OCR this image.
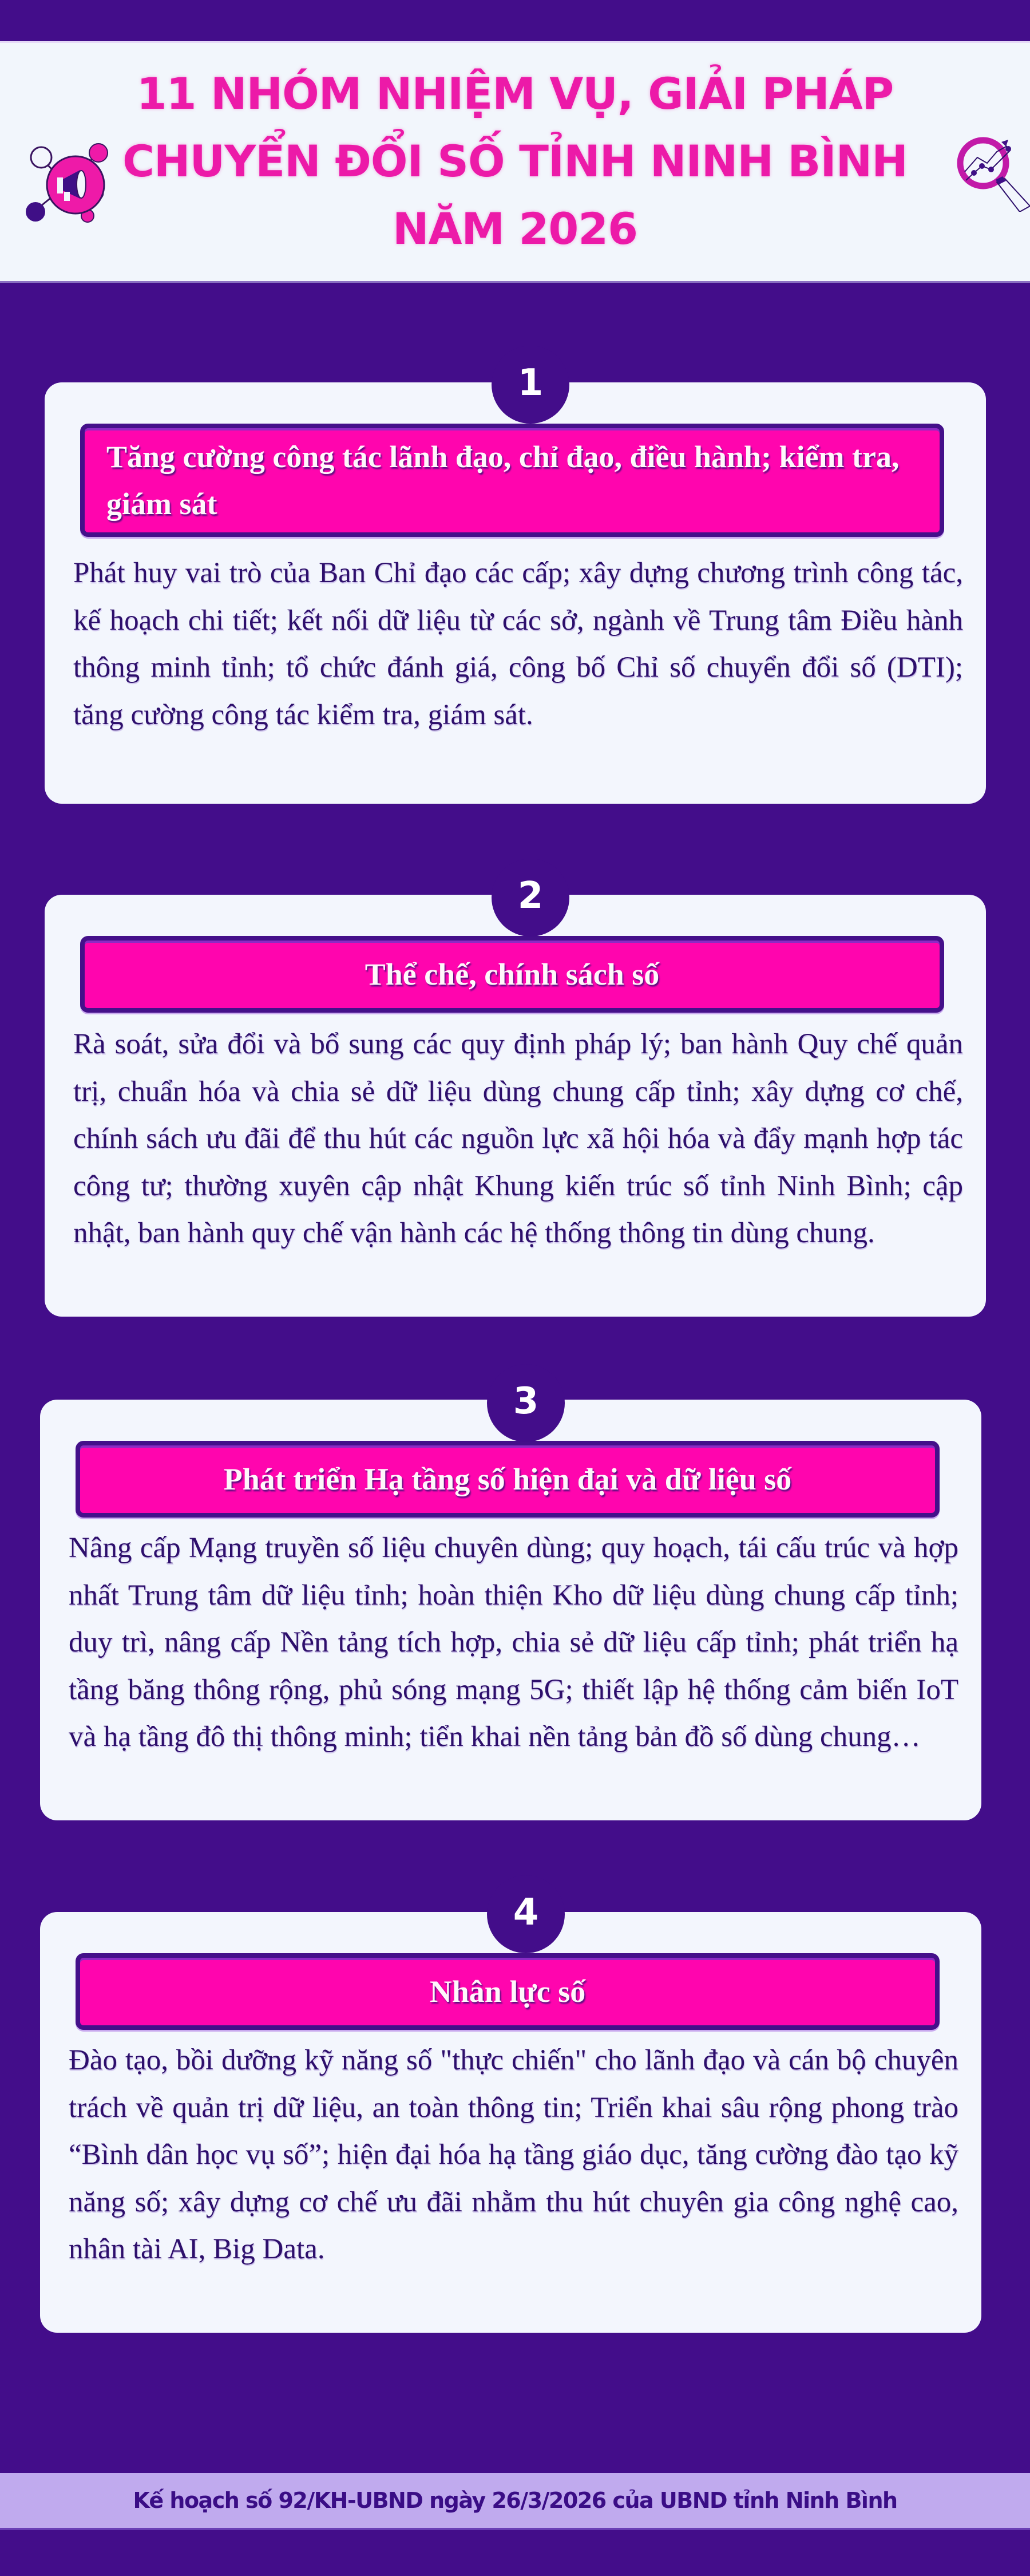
11 NHÓM NHIỆM VỤ, GIẢI PHÁP CHUYỂN ĐỔI SỐ TỈNH NINH BÌNH NĂM 2026
Tăng cường công tác lãnh đạo, chỉ đạo, điều hành; kiểm tra, giám sát
Phát huy vai trò của Ban Chỉ đạo các cấp; xây dựng chương trình công tác, kế hoạch chi tiết; kết nối dữ liệu từ các sở, ngành về Trung tâm Điều hành thông minh tỉnh; tổ chức đánh giá, công bố Chỉ số chuyển đổi số (DTI); tăng cường công tác kiểm tra, giám sát.
1
Thể chế, chính sách số
Rà soát, sửa đổi và bổ sung các quy định pháp lý; ban hành Quy chế quản trị, chuẩn hóa và chia sẻ dữ liệu dùng chung cấp tỉnh; xây dựng cơ chế, chính sách ưu đãi để thu hút các nguồn lực xã hội hóa và đẩy mạnh hợp tác công tư; thường xuyên cập nhật Khung kiến trúc số tỉnh Ninh Bình; cập nhật, ban hành quy chế vận hành các hệ thống thông tin dùng chung.
2
Phát triển Hạ tầng số hiện đại và dữ liệu số
Nâng cấp Mạng truyền số liệu chuyên dùng; quy hoạch, tái cấu trúc và hợp nhất Trung tâm dữ liệu tỉnh; hoàn thiện Kho dữ liệu dùng chung cấp tỉnh; duy trì, nâng cấp Nền tảng tích hợp, chia sẻ dữ liệu cấp tỉnh; phát triển hạ tầng băng thông rộng, phủ sóng mạng 5G; thiết lập hệ thống cảm biến IoT và hạ tầng đô thị thông minh; tiển khai nền tảng bản đồ số dùng chung…
3
Nhân lực số
Đào tạo, bồi dưỡng kỹ năng số "thực chiến" cho lãnh đạo và cán bộ chuyên trách về quản trị dữ liệu, an toàn thông tin; Triển khai sâu rộng phong trào “Bình dân học vụ số”; hiện đại hóa hạ tầng giáo dục, tăng cường đào tạo kỹ năng số; xây dựng cơ chế ưu đãi nhằm thu hút chuyên gia công nghệ cao, nhân tài AI, Big Data.
4
Kế hoạch số 92/KH-UBND ngày 26/3/2026 của UBND tỉnh Ninh Bình
